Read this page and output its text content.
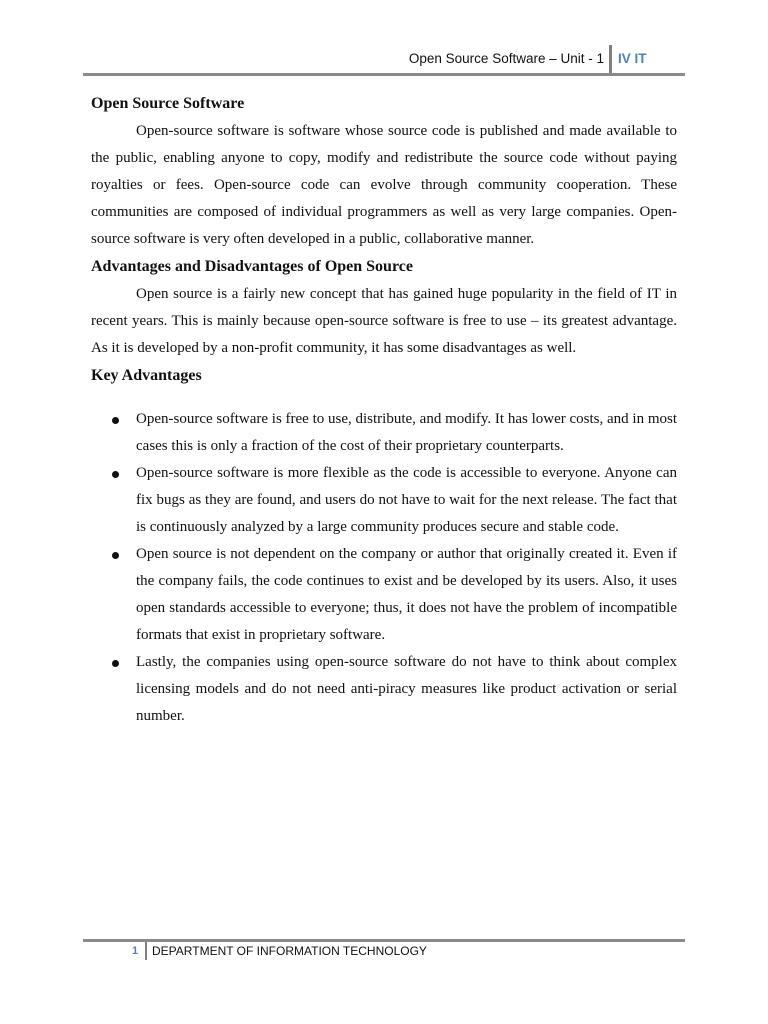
Open Source Software – Unit - 1 IV IT
Open Source Software

Open-source software is software whose source code is published and made available to the public, enabling anyone to copy, modify and redistribute the source code without paying royalties or fees. Open-source code can evolve through community cooperation. These communities are composed of individual programmers as well as very large companies. Open-source software is very often developed in a public, collaborative manner.

Advantages and Disadvantages of Open Source

Open source is a fairly new concept that has gained huge popularity in the field of IT in recent years. This is mainly because open-source software is free to use – its greatest advantage. As it is developed by a non-profit community, it has some disadvantages as well.

Key Advantages
Open-source software is free to use, distribute, and modify. It has lower costs, and in most cases this is only a fraction of the cost of their proprietary counterparts.
Open-source software is more flexible as the code is accessible to everyone. Anyone can fix bugs as they are found, and users do not have to wait for the next release. The fact that is continuously analyzed by a large community produces secure and stable code.
Open source is not dependent on the company or author that originally created it. Even if the company fails, the code continues to exist and be developed by its users. Also, it uses open standards accessible to everyone; thus, it does not have the problem of incompatible formats that exist in proprietary software.
Lastly, the companies using open-source software do not have to think about complex licensing models and do not need anti-piracy measures like product activation or serial number.
1 DEPARTMENT OF INFORMATION TECHNOLOGY
